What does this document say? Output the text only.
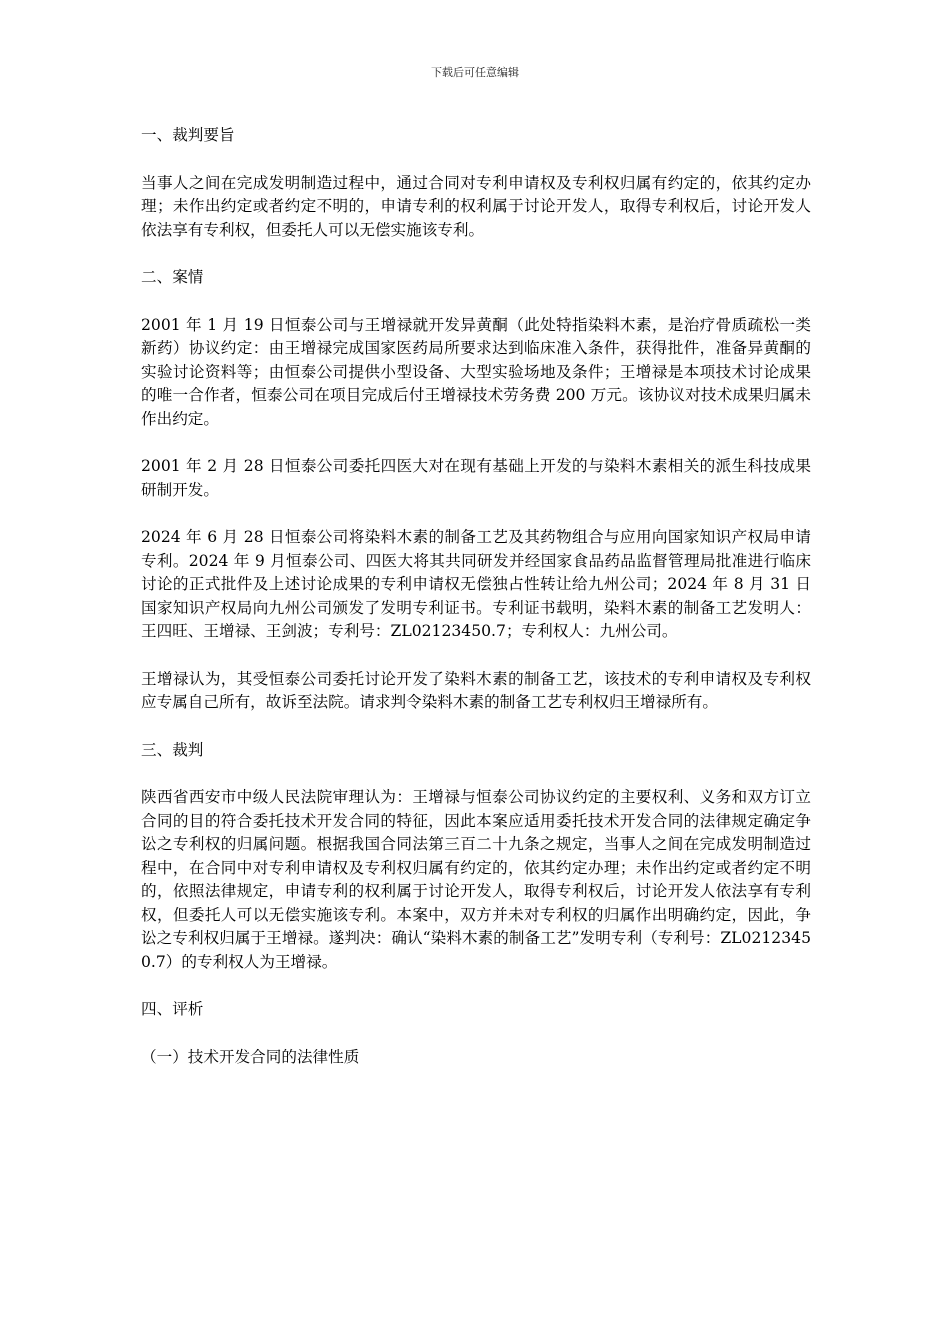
下载后可任意编辑
一、裁判要旨

当事人之间在完成发明制造过程中，通过合同对专利申请权及专利权归属有约定的，依其约定办理；未作出约定或者约定不明的，申请专利的权利属于讨论开发人，取得专利权后，讨论开发人依法享有专利权，但委托人可以无偿实施该专利。

二、案情

2001 年 1 月 19 日恒泰公司与王增禄就开发异黄酮（此处特指染料木素，是治疗骨质疏松一类新药）协议约定：由王增禄完成国家医药局所要求达到临床准入条件，获得批件，准备异黄酮的实验讨论资料等；由恒泰公司提供小型设备、大型实验场地及条件；王增禄是本项技术讨论成果的唯一合作者，恒泰公司在项目完成后付王增禄技术劳务费 200 万元。该协议对技术成果归属未作出约定。

2001 年 2 月 28 日恒泰公司委托四医大对在现有基础上开发的与染料木素相关的派生科技成果研制开发。

2024 年 6 月 28 日恒泰公司将染料木素的制备工艺及其药物组合与应用向国家知识产权局申请专利。2024 年 9 月恒泰公司、四医大将其共同研发并经国家食品药品监督管理局批准进行临床讨论的正式批件及上述讨论成果的专利申请权无偿独占性转让给九州公司；2024 年 8 月 31 日国家知识产权局向九州公司颁发了发明专利证书。专利证书载明，染料木素的制备工艺发明人：王四旺、王增禄、王剑波；专利号：ZL02123450.7；专利权人：九州公司。

王增禄认为，其受恒泰公司委托讨论开发了染料木素的制备工艺，该技术的专利申请权及专利权应专属自己所有，故诉至法院。请求判令染料木素的制备工艺专利权归王增禄所有。

三、裁判

陕西省西安市中级人民法院审理认为：王增禄与恒泰公司协议约定的主要权利、义务和双方订立合同的目的符合委托技术开发合同的特征，因此本案应适用委托技术开发合同的法律规定确定争讼之专利权的归属问题。根据我国合同法第三百二十九条之规定，当事人之间在完成发明制造过程中，在合同中对专利申请权及专利权归属有约定的，依其约定办理；未作出约定或者约定不明的，依照法律规定，申请专利的权利属于讨论开发人，取得专利权后，讨论开发人依法享有专利权，但委托人可以无偿实施该专利。本案中，双方并未对专利权的归属作出明确约定，因此，争讼之专利权归属于王增禄。遂判决：确认“染料木素的制备工艺”发明专利（专利号：ZL02123450.7）的专利权人为王增禄。

四、评析
（一）技术开发合同的法律性质
